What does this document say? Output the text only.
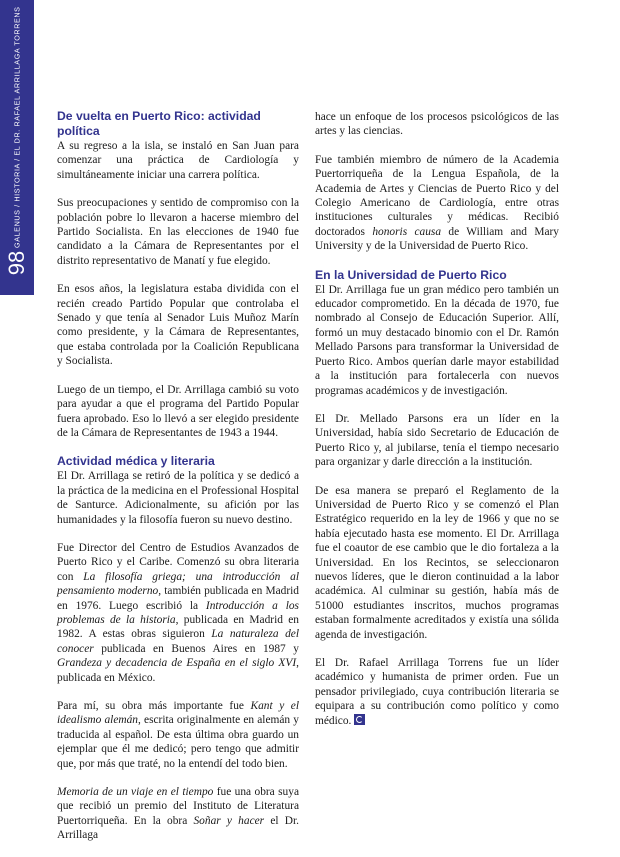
GALENUS / HISTORIA / EL DR. RAFAEL ARRILLAGA TORRENS
98
De vuelta en Puerto Rico: actividad política

A su regreso a la isla, se instaló en San Juan para comenzar una práctica de Cardiología y simultáneamente iniciar una carrera política.

Sus preocupaciones y sentido de compromiso con la población pobre lo llevaron a hacerse miembro del Partido Socialista. En las elecciones de 1940 fue candidato a la Cámara de Representantes por el distrito representativo de Manatí y fue elegido.

En esos años, la legislatura estaba dividida con el recién creado Partido Popular que controlaba el Senado y que tenía al Senador Luis Muñoz Marín como presidente, y la Cámara de Representantes, que estaba controlada por la Coalición Republicana y Socialista.

Luego de un tiempo, el Dr. Arrillaga cambió su voto para ayudar a que el programa del Partido Popular fuera aprobado. Eso lo llevó a ser elegido presidente de la Cámara de Representantes de 1943 a 1944.

Actividad médica y literaria

El Dr. Arrillaga se retiró de la política y se dedicó a la práctica de la medicina en el Professional Hospital de Santurce. Adicionalmente, su afición por las humanidades y la filosofía fueron su nuevo destino.

Fue Director del Centro de Estudios Avanzados de Puerto Rico y el Caribe. Comenzó su obra literaria con La filosofía griega; una introducción al pensamiento moderno, también publicada en Madrid en 1976. Luego escribió la Introducción a los problemas de la historia, publicada en Madrid en 1982. A estas obras siguieron La naturaleza del conocer publicada en Buenos Aires en 1987 y Grandeza y decadencia de España en el siglo XVI, publicada en México.

Para mí, su obra más importante fue Kant y el idealismo alemán, escrita originalmente en alemán y traducida al español. De esta última obra guardo un ejemplar que él me dedicó; pero tengo que admitir que, por más que traté, no la entendí del todo bien.

Memoria de un viaje en el tiempo fue una obra suya que recibió un premio del Instituto de Literatura Puertorriqueña. En la obra Soñar y hacer el Dr. Arrillaga

hace un enfoque de los procesos psicológicos de las artes y las ciencias.

Fue también miembro de número de la Academia Puertorriqueña de la Lengua Española, de la Academia de Artes y Ciencias de Puerto Rico y del Colegio Americano de Cardiología, entre otras instituciones culturales y médicas. Recibió doctorados honoris causa de William and Mary University y de la Universidad de Puerto Rico.

En la Universidad de Puerto Rico

El Dr. Arrillaga fue un gran médico pero también un educador comprometido. En la década de 1970, fue nombrado al Consejo de Educación Superior. Allí, formó un muy destacado binomio con el Dr. Ramón Mellado Parsons para transformar la Universidad de Puerto Rico. Ambos querían darle mayor estabilidad a la institución para fortalecerla con nuevos programas académicos y de investigación.

El Dr. Mellado Parsons era un líder en la Universidad, había sido Secretario de Educación de Puerto Rico y, al jubilarse, tenía el tiempo necesario para organizar y darle dirección a la institución.

De esa manera se preparó el Reglamento de la Universidad de Puerto Rico y se comenzó el Plan Estratégico requerido en la ley de 1966 y que no se había ejecutado hasta ese momento. El Dr. Arrillaga fue el coautor de ese cambio que le dio fortaleza a la Universidad. En los Recintos, se seleccionaron nuevos líderes, que le dieron continuidad a la labor académica. Al culminar su gestión, había más de 51000 estudiantes inscritos, muchos programas estaban formalmente acreditados y existía una sólida agenda de investigación.

El Dr. Rafael Arrillaga Torrens fue un líder académico y humanista de primer orden. Fue un pensador privilegiado, cuya contribución literaria se equipara a su contribución como político y como médico.
